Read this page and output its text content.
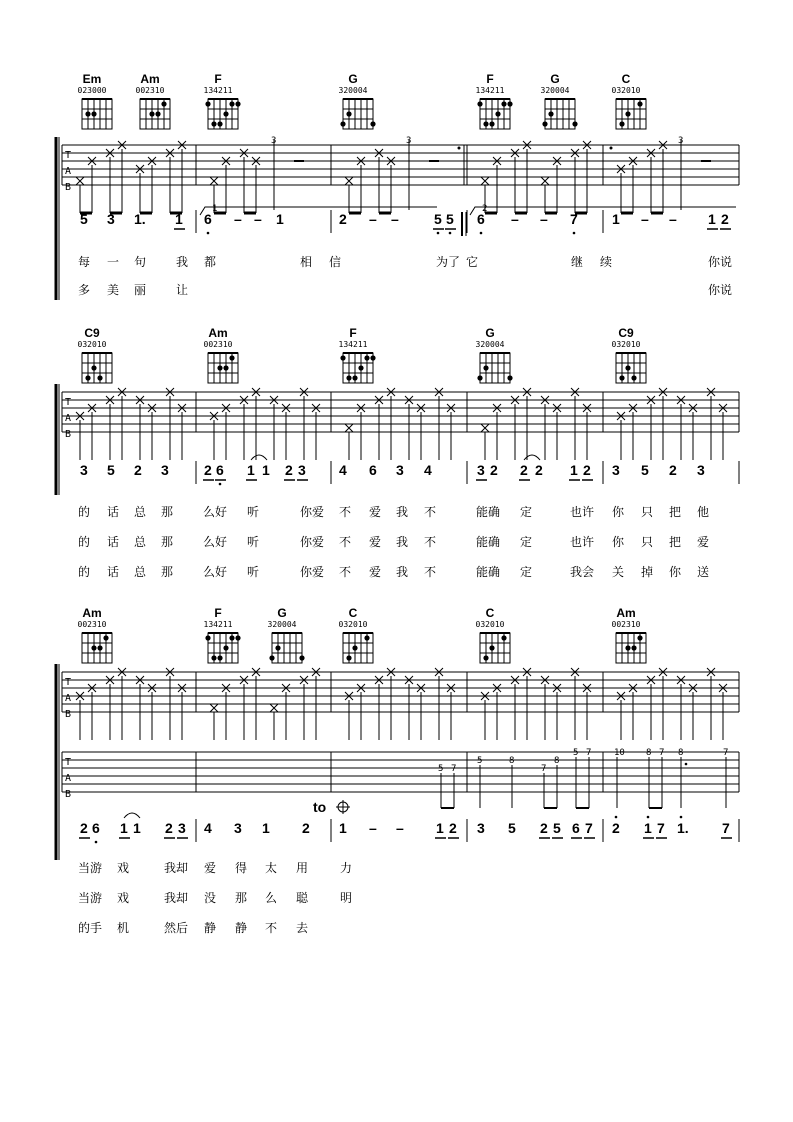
T
A
B
3	3	3
T
A
B
T
A
B
1	2
T
A
B
5 7
5	8
7
8
5 7	10 8 7 8	7
Em
023000
Am
002310
F
134211
G
320004
F
134211
G
320004
C
032010
5 3 1. 1 6 – – 1	2 – –	5 5 6 – – 7 1 – – 1 2
每 一 句 我 都	相 信	为了 它	继 续	你说
多 美 丽 让	你说
C9
032010
Am
002310
F
134211
G
320004
C9
032010
3 5 2 3	2 6 1 1 2 3 4 6 3 4	3 2 2 2 1 2 3 5 2 3
的 话 总 那 么好 听	你爱 不 爱 我 不	能确 定	也许 你 只 把 他
的 话 总 那 么好 听	你爱 不 爱 我 不	能确 定	也许 你 只 把 爱
的 话 总 那 么好 听	你爱 不 爱 我 不	能确 定	我会 关 掉 你 送
Am
002310
F
134211
G
320004
C
032010
C
032010
Am
002310
2 6 1 1 2 3 4 3 1 2 1 – – 1 2 3 5 2 5 6 7 2 1 7 1. 7
当游 戏	我却 爱 得 太 用	力
当游 戏	我却 没 那 么 聪	明
的手 机	然后 静 静 不 去
to
